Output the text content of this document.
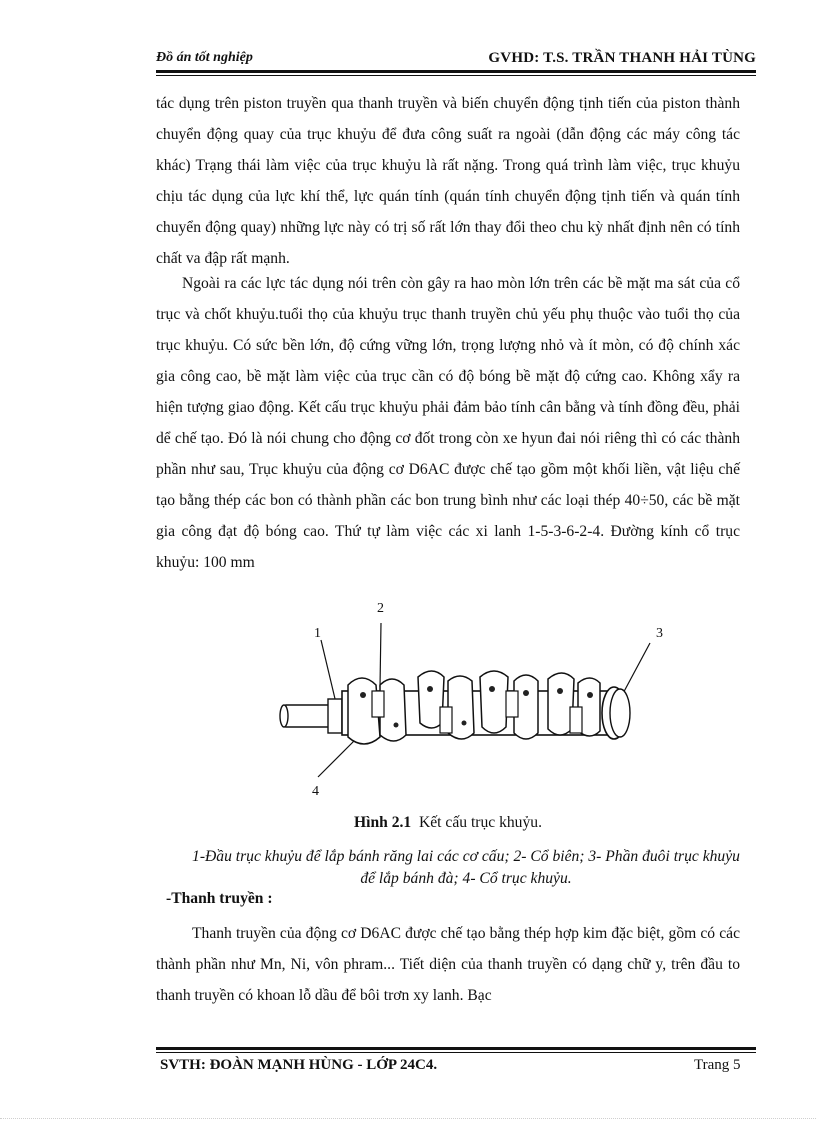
Đồ án tốt nghiệp	GVHD: T.S. TRẦN THANH HẢI TÙNG

tác dụng trên piston truyền qua thanh truyền và biến chuyển động tịnh tiến của piston thành chuyển động quay của trục khuỷu để đưa công suất ra ngoài (dẫn động các máy công tác khác) Trạng thái làm việc của trục khuỷu là rất nặng. Trong quá trình làm việc, trục khuỷu chịu tác dụng của lực khí thể, lực quán tính (quán tính chuyển động tịnh tiến và quán tính chuyển động quay) những lực này có trị số rất lớn thay đổi theo chu kỳ nhất định nên có tính chất va đập rất mạnh.

Ngoài ra các lực tác dụng nói trên còn gây ra hao mòn lớn trên các bề mặt ma sát của cổ trục và chốt khuỷu.tuổi thọ của khuỷu trục thanh truyền chủ yếu phụ thuộc vào tuổi thọ của trục khuỷu. Có sức bền lớn, độ cứng vững lớn, trọng lượng nhỏ và ít mòn, có độ chính xác gia công cao, bề mặt làm việc của trục cần có độ bóng bề mặt độ cứng cao. Không xẩy ra hiện tượng giao động. Kết cấu trục khuỷu phải đảm bảo tính cân bằng và tính đồng đều, phải dể chế tạo. Đó là nói chung cho động cơ đốt trong còn xe hyun đai nói riêng thì có các thành phần như sau, Trục khuỷu của động cơ D6AC được chế tạo gồm một khối liền, vật liệu chế tạo bằng thép các bon có thành phần các bon trung bình như các loại thép 40÷50, các bề mặt gia công đạt độ bóng cao. Thứ tự làm việc các xi lanh 1-5-3-6-2-4. Đường kính cổ trục khuỷu: 100 mm

1
2
3
4
Hình 2.1 Kết cấu trục khuỷu.
1-Đầu trục khuỷu để lắp bánh răng lai các cơ cấu; 2- Cổ biên; 3- Phần đuôi trục khuỷu để lắp bánh đà; 4- Cổ trục khuỷu.
-Thanh truyền :

Thanh truyền của động cơ D6AC được chế tạo bằng thép hợp kim đặc biệt, gồm có các thành phần như Mn, Ni, vôn phram... Tiết diện của thanh truyền có dạng chữ y, trên đầu to thanh truyền có khoan lỗ dầu để bôi trơn xy lanh. Bạc

SVTH: ĐOÀN MẠNH HÙNG - LỚP 24C4.	Trang 5
